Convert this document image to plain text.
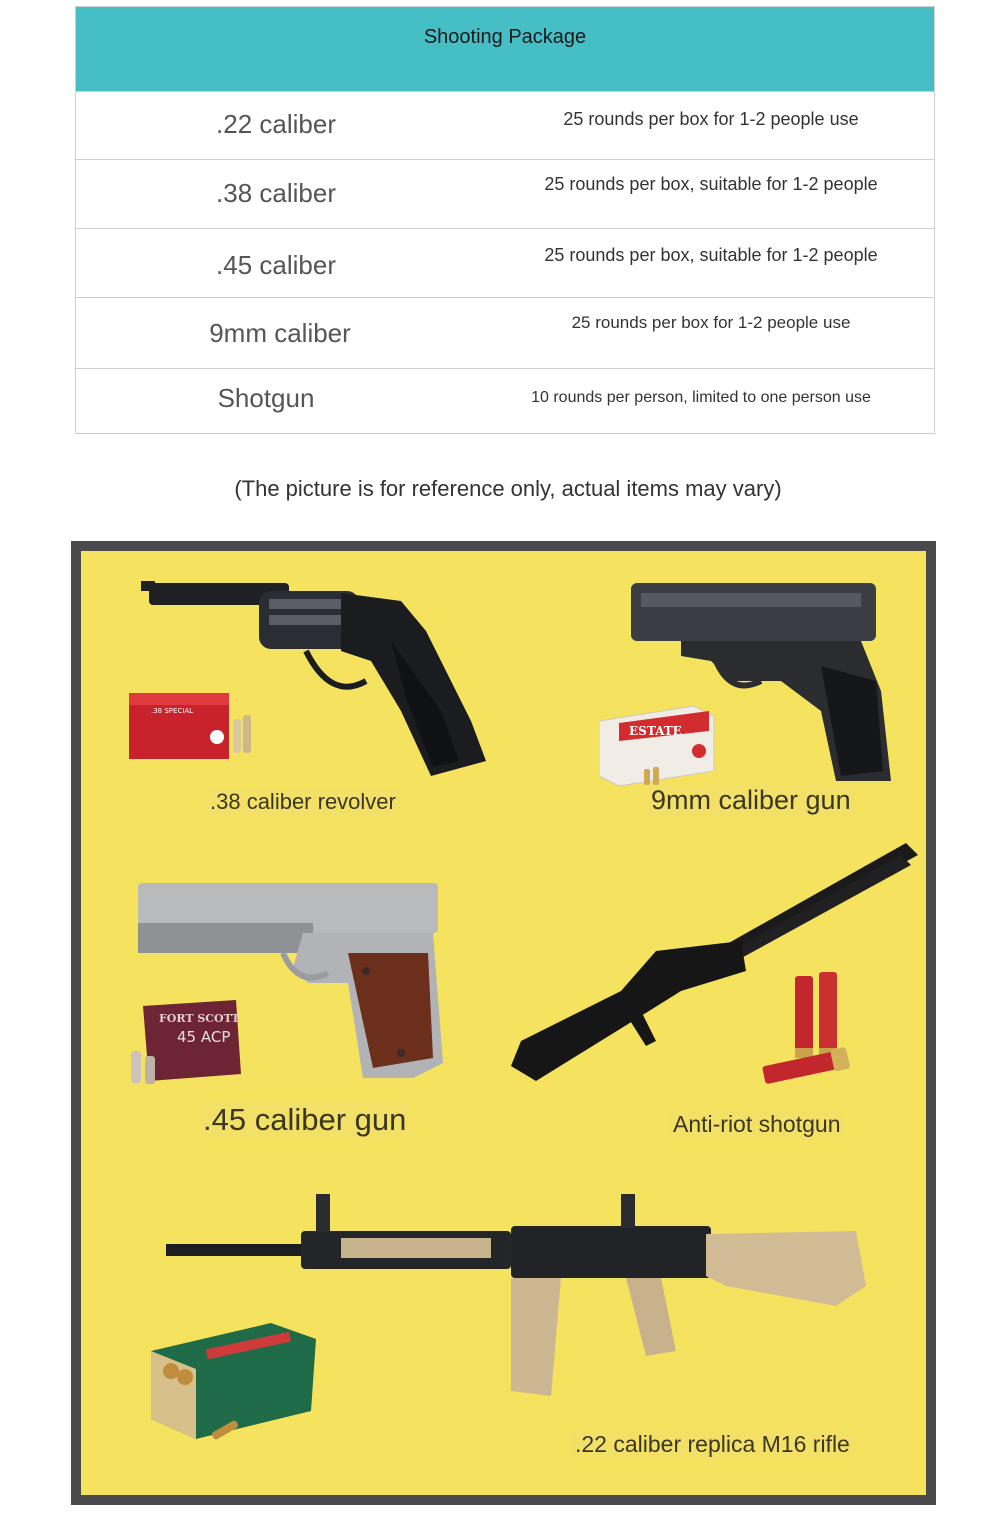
Shooting Package
.22 caliber	25 rounds per box for 1-2 people use
.38 caliber	25 rounds per box, suitable for 1-2 people
.45 caliber	25 rounds per box, suitable for 1-2 people
9mm caliber	25 rounds per box for 1-2 people use
Shotgun	10 rounds per person, limited to one person use
(The picture is for reference only, actual items may vary)
.38 SPECIAL
.38 caliber revolver
ESTATE
9mm caliber gun
FORT SCOTT
45 ACP
.45 caliber gun	Anti-riot shotgun
.22 caliber replica M16 rifle
